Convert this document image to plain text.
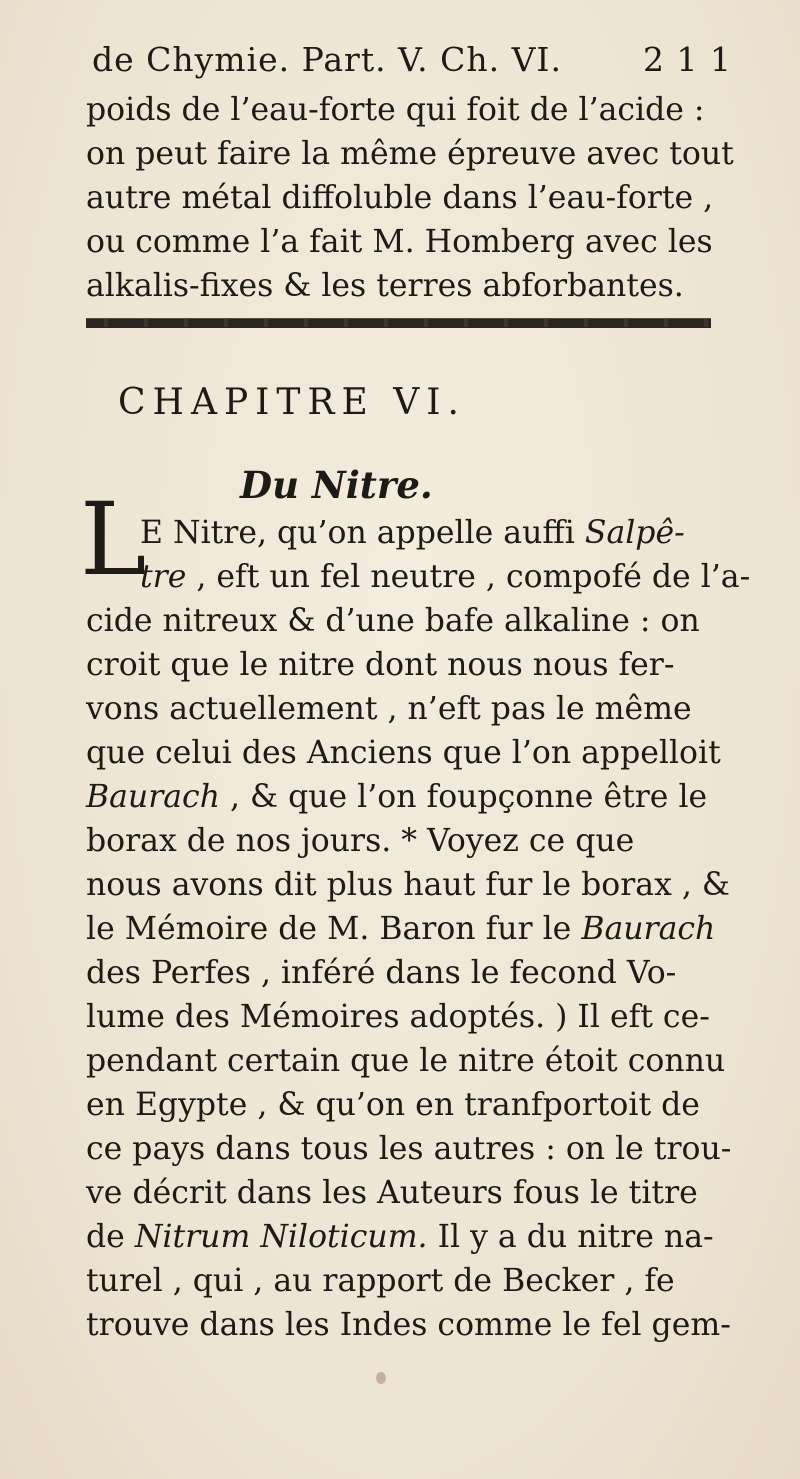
de Chymie. Part. V. Ch. VI. 2 1 1
poids de l’eau-forte qui foit de l’acide :
on peut faire la même épreuve avec tout
autre métal diffoluble dans l’eau-forte ,
ou comme l’a fait M. Homberg avec les
alkalis-fixes & les terres abforbantes.
CHAPITRE VI.
Du Nitre.
L
E Nitre, qu’on appelle auffi Salpê-
tre , eft un fel neutre , compofé de l’a-
cide nitreux & d’une bafe alkaline : on
croit que le nitre dont nous nous fer-
vons actuellement , n’eft pas le même
que celui des Anciens que l’on appelloit
Baurach , & que l’on foupçonne être le
borax de nos jours. * Voyez ce que
nous avons dit plus haut fur le borax , &
le Mémoire de M. Baron fur le Baurach
des Perfes , inféré dans le fecond Vo-
lume des Mémoires adoptés. ) Il eft ce-
pendant certain que le nitre étoit connu
en Egypte , & qu’on en tranfportoit de
ce pays dans tous les autres : on le trou-
ve décrit dans les Auteurs fous le titre
de Nitrum Niloticum. Il y a du nitre na-
turel , qui , au rapport de Becker , fe
trouve dans les Indes comme le fel gem-
